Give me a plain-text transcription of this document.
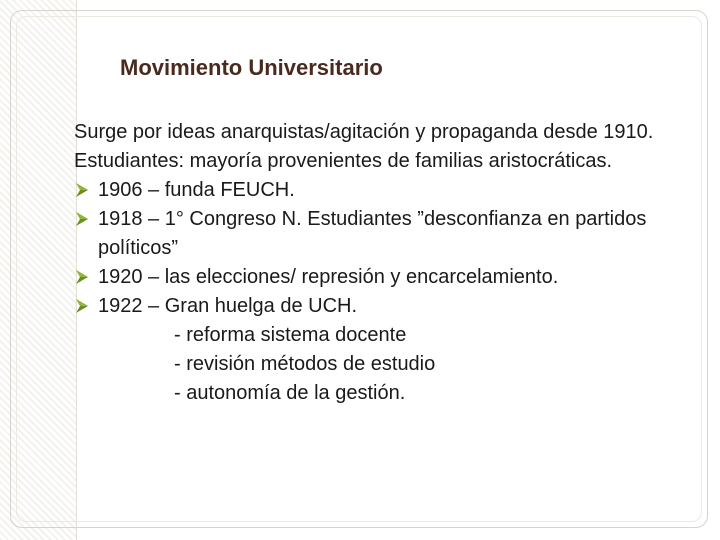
Movimiento Universitario

Surge por ideas anarquistas/agitación y propaganda desde 1910.

Estudiantes: mayoría provenientes de familias aristocráticas.

1906 – funda FEUCH.
1918 – 1° Congreso N. Estudiantes ”desconfianza en partidos políticos”
1920 – las elecciones/ represión y encarcelamiento.
1922 – Gran huelga de UCH.

- reforma sistema docente

- revisión métodos de estudio

- autonomía de la gestión.
